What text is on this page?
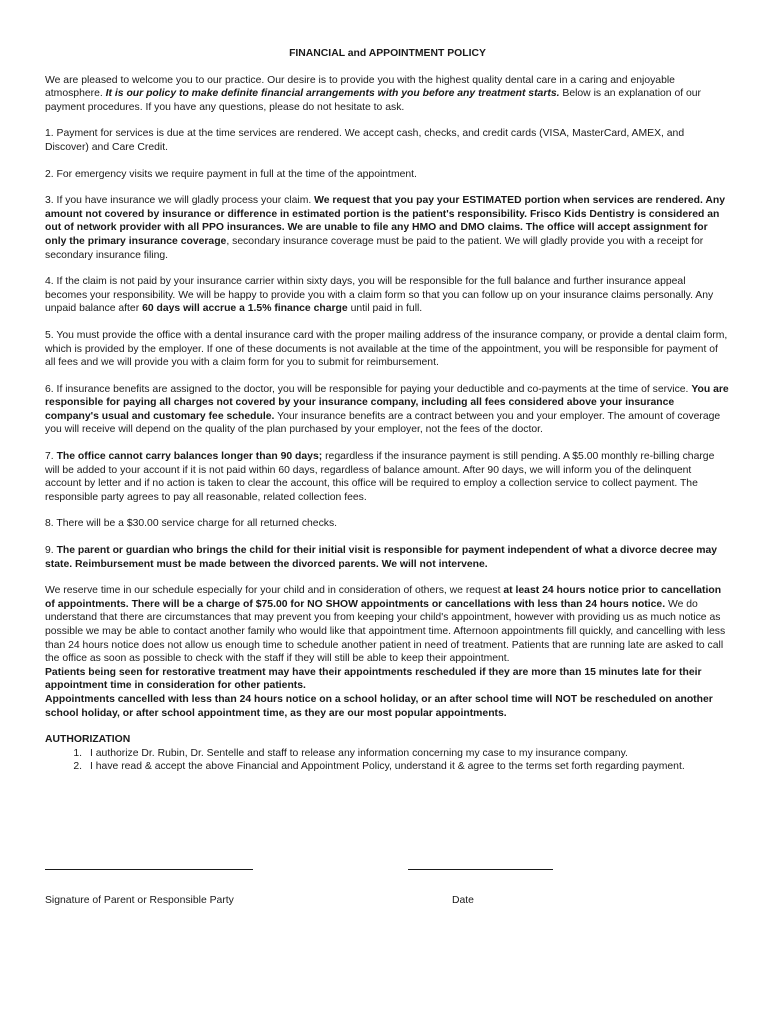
FINANCIAL and APPOINTMENT POLICY

We are pleased to welcome you to our practice. Our desire is to provide you with the highest quality dental care in a caring and enjoyable atmosphere. It is our policy to make definite financial arrangements with you before any treatment starts. Below is an explanation of our payment procedures. If you have any questions, please do not hesitate to ask.

1. Payment for services is due at the time services are rendered. We accept cash, checks, and credit cards (VISA, MasterCard, AMEX, and Discover) and Care Credit.

2. For emergency visits we require payment in full at the time of the appointment.

3. If you have insurance we will gladly process your claim. We request that you pay your ESTIMATED portion when services are rendered. Any amount not covered by insurance or difference in estimated portion is the patient's responsibility. Frisco Kids Dentistry is considered an out of network provider with all PPO insurances. We are unable to file any HMO and DMO claims. The office will accept assignment for only the primary insurance coverage, secondary insurance coverage must be paid to the patient. We will gladly provide you with a receipt for secondary insurance filing.

4. If the claim is not paid by your insurance carrier within sixty days, you will be responsible for the full balance and further insurance appeal becomes your responsibility. We will be happy to provide you with a claim form so that you can follow up on your insurance claims personally. Any unpaid balance after 60 days will accrue a 1.5% finance charge until paid in full.

5. You must provide the office with a dental insurance card with the proper mailing address of the insurance company, or provide a dental claim form, which is provided by the employer. If one of these documents is not available at the time of the appointment, you will be responsible for payment of all fees and we will provide you with a claim form for you to submit for reimbursement.

6. If insurance benefits are assigned to the doctor, you will be responsible for paying your deductible and co-payments at the time of service. You are responsible for paying all charges not covered by your insurance company, including all fees considered above your insurance company's usual and customary fee schedule. Your insurance benefits are a contract between you and your employer. The amount of coverage you will receive will depend on the quality of the plan purchased by your employer, not the fees of the doctor.

7. The office cannot carry balances longer than 90 days; regardless if the insurance payment is still pending. A $5.00 monthly re-billing charge will be added to your account if it is not paid within 60 days, regardless of balance amount. After 90 days, we will inform you of the delinquent account by letter and if no action is taken to clear the account, this office will be required to employ a collection service to collect payment. The responsible party agrees to pay all reasonable, related collection fees.

8. There will be a $30.00 service charge for all returned checks.

9. The parent or guardian who brings the child for their initial visit is responsible for payment independent of what a divorce decree may state. Reimbursement must be made between the divorced parents. We will not intervene.

We reserve time in our schedule especially for your child and in consideration of others, we request at least 24 hours notice prior to cancellation of appointments. There will be a charge of $75.00 for NO SHOW appointments or cancellations with less than 24 hours notice. We do understand that there are circumstances that may prevent you from keeping your child's appointment, however with providing us as much notice as possible we may be able to contact another family who would like that appointment time. Afternoon appointments fill quickly, and cancelling with less than 24 hours notice does not allow us enough time to schedule another patient in need of treatment. Patients that are running late are asked to call the office as soon as possible to check with the staff if they will still be able to keep their appointment.
Patients being seen for restorative treatment may have their appointments rescheduled if they are more than 15 minutes late for their appointment time in consideration for other patients.
Appointments cancelled with less than 24 hours notice on a school holiday, or an after school time will NOT be rescheduled on another school holiday, or after school appointment time, as they are our most popular appointments.
AUTHORIZATION
1. I authorize Dr. Rubin, Dr. Sentelle and staff to release any information concerning my case to my insurance company.
2. I have read & accept the above Financial and Appointment Policy, understand it & agree to the terms set forth regarding payment.
Signature of Parent or Responsible Party	Date
